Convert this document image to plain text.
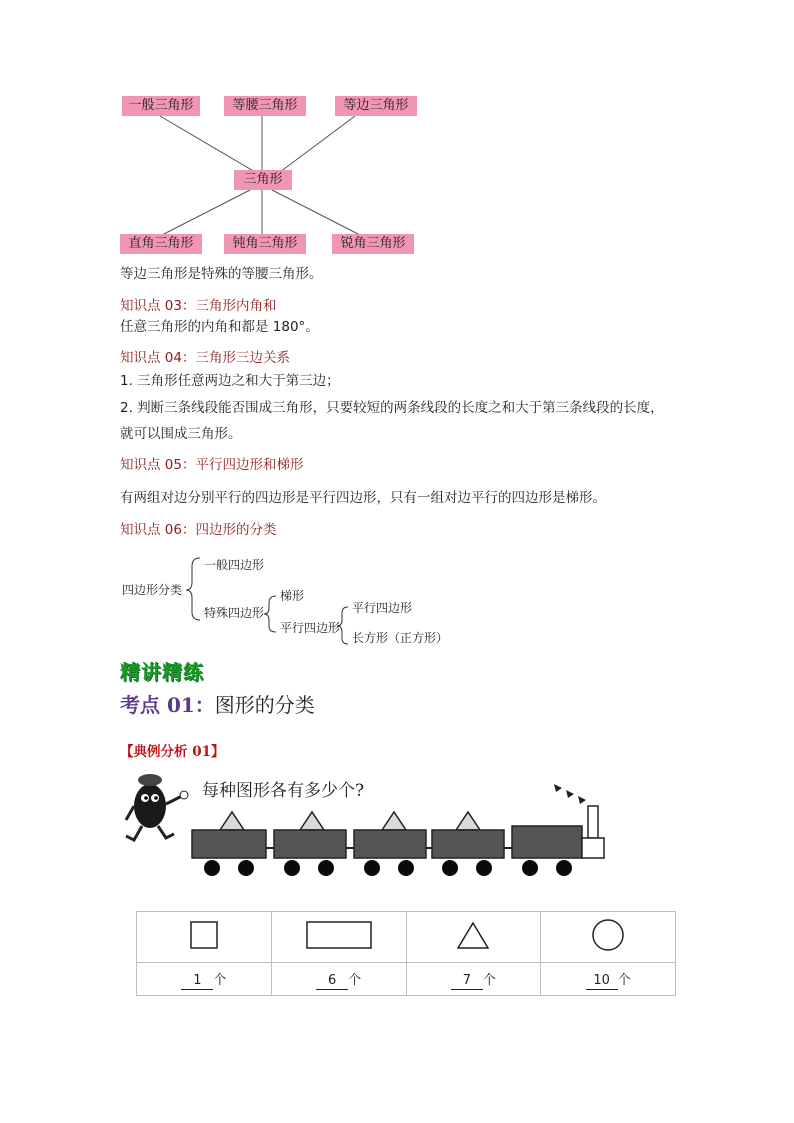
一般三角形	等腰三角形	等边三角形
三角形
直角三角形	钝角三角形	锐角三角形
等边三角形是特殊的等腰三角形。
知识点 03：三角形内角和
任意三角形的内角和都是 180°。
知识点 04：三角形三边关系
1. 三角形任意两边之和大于第三边；
2. 判断三条线段能否围成三角形，只要较短的两条线段的长度之和大于第三条线段的长度，
就可以围成三角形。
知识点 05：平行四边形和梯形
有两组对边分别平行的四边形是平行四边形，只有一组对边平行的四边形是梯形。
知识点 06：四边形的分类
四边形分类
一般四边形
特殊四边形
梯形
平行四边形
平行四边形
长方形（正方形）
精讲精练
考点 01：图形的分类
【典例分析 01】
每种图形各有多少个?

1 个	6 个	7 个	10 个
